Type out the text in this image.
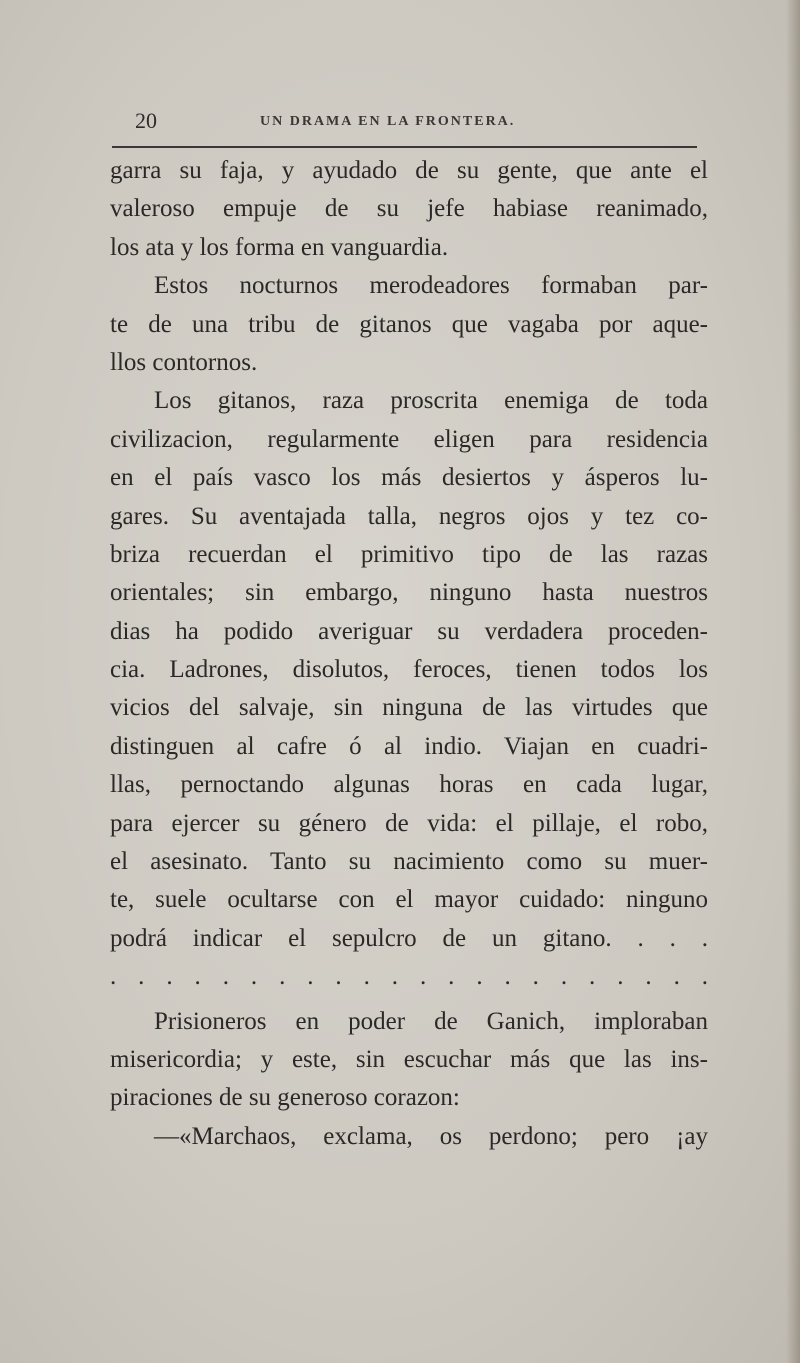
20	UN DRAMA EN LA FRONTERA.

garra su faja, y ayudado de su gente, que ante el
valeroso empuje de su jefe habiase reanimado,
los ata y los forma en vanguardia.

Estos nocturnos merodeadores formaban par-
te de una tribu de gitanos que vagaba por aque-
llos contornos.

Los gitanos, raza proscrita enemiga de toda
civilizacion, regularmente eligen para residencia
en el país vasco los más desiertos y ásperos lu-
gares. Su aventajada talla, negros ojos y tez co-
briza recuerdan el primitivo tipo de las razas
orientales; sin embargo, ninguno hasta nuestros
dias ha podido averiguar su verdadera proceden-
cia. Ladrones, disolutos, feroces, tienen todos los
vicios del salvaje, sin ninguna de las virtudes que
distinguen al cafre ó al indio. Viajan en cuadri-
llas, pernoctando algunas horas en cada lugar,
para ejercer su género de vida: el pillaje, el robo,
el asesinato. Tanto su nacimiento como su muer-
te, suele ocultarse con el mayor cuidado: ninguno
podrá indicar el sepulcro de un gitano. . . .

. . . . . . . . . . . . . . . . . . . . . .

Prisioneros en poder de Ganich, imploraban
misericordia; y este, sin escuchar más que las ins-
piraciones de su generoso corazon:

—«Marchaos, exclama, os perdono; pero ¡ay
